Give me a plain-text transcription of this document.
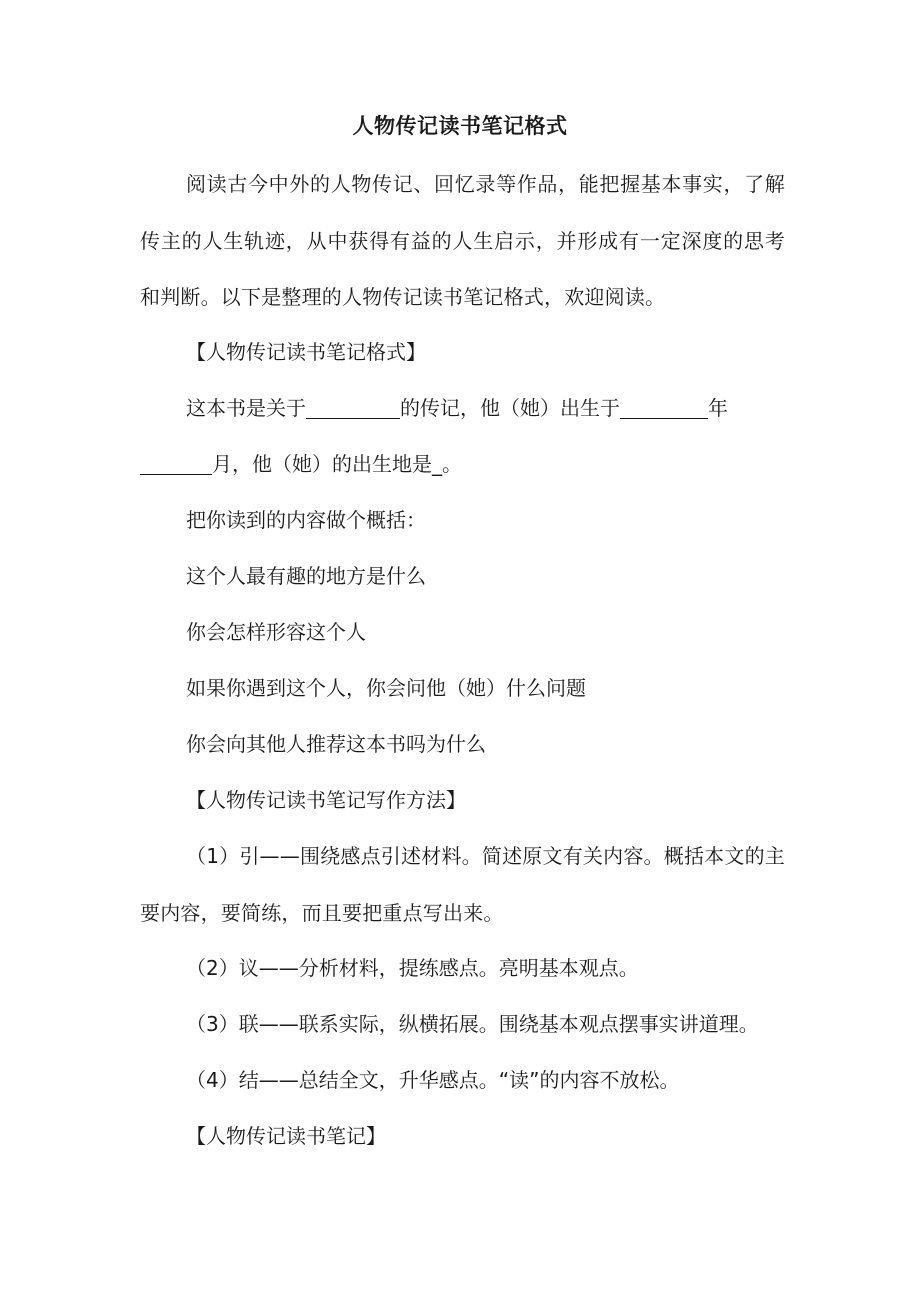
人物传记读书笔记格式

阅读古今中外的人物传记、回忆录等作品，能把握基本事实，了解传主的人生轨迹，从中获得有益的人生启示，并形成有一定深度的思考和判断。以下是整理的人物传记读书笔记格式，欢迎阅读。

【人物传记读书笔记格式】
这本书是关于	的传记，他（她）出生于	年
月，他（她）的出生地是_。
把你读到的内容做个概括：
这个人最有趣的地方是什么
你会怎样形容这个人
如果你遇到这个人，你会问他（她）什么问题
你会向其他人推荐这本书吗为什么
【人物传记读书笔记写作方法】

（1）引——围绕感点引述材料。简述原文有关内容。概括本文的主要内容，要简练，而且要把重点写出来。

（2）议——分析材料，提练感点。亮明基本观点。
（3）联——联系实际，纵横拓展。围绕基本观点摆事实讲道理。
（4）结——总结全文，升华感点。“读”的内容不放松。
【人物传记读书笔记】
